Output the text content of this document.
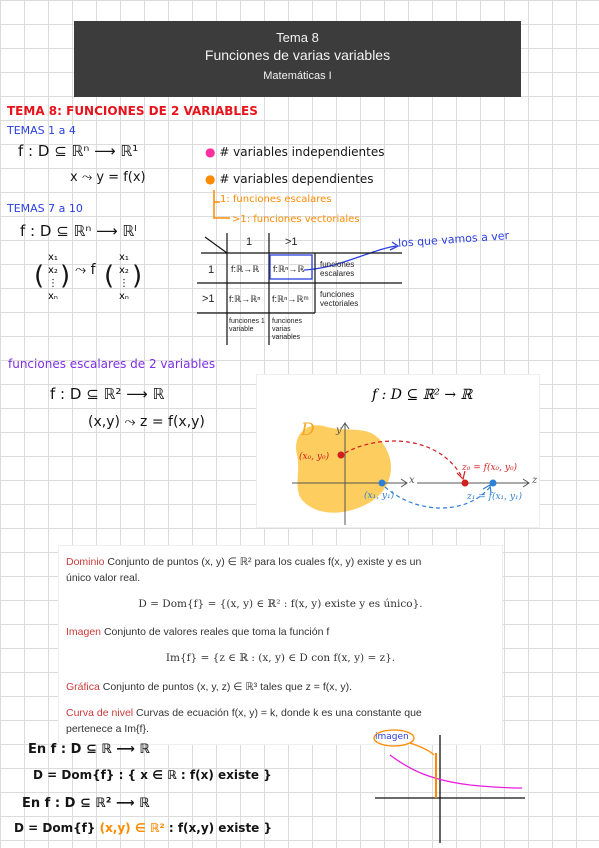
Tema 8
Funciones de varias variables
Matemáticas I
TEMA 8: FUNCIONES DE 2 VARIABLES
TEMAS 1 a 4
f : D ⊆ ℝⁿ ⟶ ℝ¹
x ⤳ y = f(x)
TEMAS 7 a 10
f : D ⊆ ℝⁿ ⟶ ℝˡ
(
x₁
x₂
⋮
xₙ
) ⤳ f (
x₁
x₂
⋮
xₙ
)
● # variables independientes
● # variables dependientes
1: funciones escalares
>1: funciones vectoriales
los que vamos a ver
1	>1
1
>1
f:ℝ→ℝ f:ℝⁿ→ℝ
f:ℝ→ℝⁿ f:ℝⁿ→ℝᵐ
funciones escalares
funciones vectoriales
funciones 1 variable
funciones varias variables
funciones escalares de 2 variables
f : D ⊆ ℝ² ⟶ ℝ
(x,y) ⤳ z = f(x,y)
f : D ⊆ ℝ² → ℝ
D y
x	z
(x₀, y₀)
(x₁, y₁)
z₀ = f(x₀, y₀)
z₁ = f(x₁, y₁)
Dominio Conjunto de puntos (x, y) ∈ ℝ² para los cuales f(x, y) existe y es un
único valor real.
D = Dom{f} = {(x, y) ∈ ℝ² : f(x, y) existe y es único}.
Imagen Conjunto de valores reales que toma la función f
Im{f} = {z ∈ ℝ : (x, y) ∈ D con f(x, y) = z}.
Gráfica Conjunto de puntos (x, y, z) ∈ ℝ³ tales que z = f(x, y).
Curva de nivel Curvas de ecuación f(x, y) = k, donde k es una constante que
pertenece a Im{f}.
En f : D ⊆ ℝ ⟶ ℝ
D = Dom{f} : { x ∈ ℝ : f(x) existe }
En f : D ⊆ ℝ² ⟶ ℝ
D = Dom{f} (x,y) ∈ ℝ² : f(x,y) existe }
imagen
